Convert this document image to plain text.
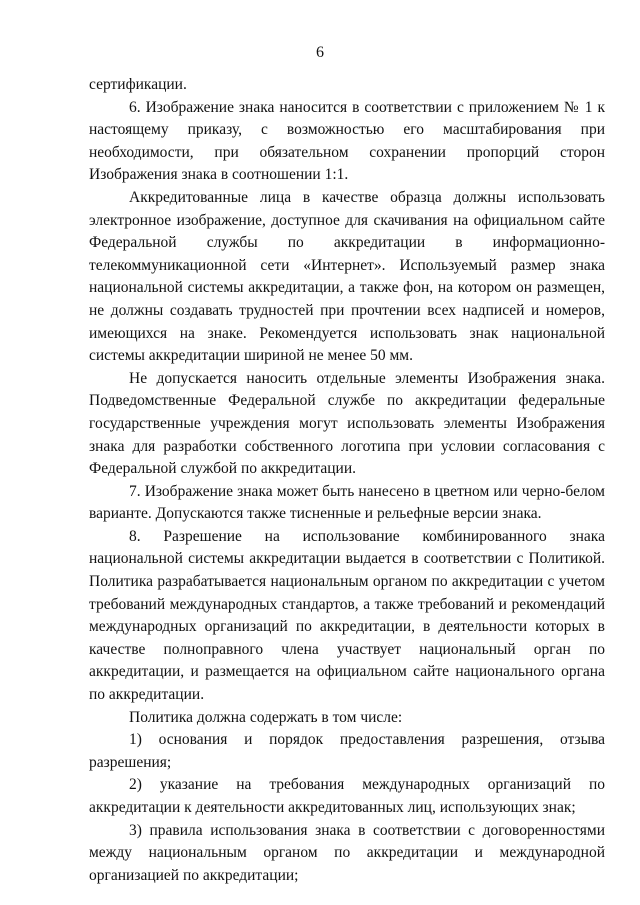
6

сертификации.

6. Изображение знака наносится в соответствии с приложением № 1 к настоящему приказу, с возможностью его масштабирования при необходимости, при обязательном сохранении пропорций сторон Изображения знака в соотношении 1:1.

Аккредитованные лица в качестве образца должны использовать электронное изображение, доступное для скачивания на официальном сайте Федеральной службы по аккредитации в информационно-телекоммуникационной сети «Интернет». Используемый размер знака национальной системы аккредитации, а также фон, на котором он размещен, не должны создавать трудностей при прочтении всех надписей и номеров, имеющихся на знаке. Рекомендуется использовать знак национальной системы аккредитации шириной не менее 50 мм.

Не допускается наносить отдельные элементы Изображения знака. Подведомственные Федеральной службе по аккредитации федеральные государственные учреждения могут использовать элементы Изображения знака для разработки собственного логотипа при условии согласования с Федеральной службой по аккредитации.

7. Изображение знака может быть нанесено в цветном или черно-белом варианте. Допускаются также тисненные и рельефные версии знака.

8. Разрешение на использование комбинированного знака национальной системы аккредитации выдается в соответствии с Политикой. Политика разрабатывается национальным органом по аккредитации с учетом требований международных стандартов, а также требований и рекомендаций международных организаций по аккредитации, в деятельности которых в качестве полноправного члена участвует национальный орган по аккредитации, и размещается на официальном сайте национального органа по аккредитации.

Политика должна содержать в том числе:

1) основания и порядок предоставления разрешения, отзыва разрешения;

2) указание на требования международных организаций по аккредитации к деятельности аккредитованных лиц, использующих знак;

3) правила использования знака в соответствии с договоренностями между национальным органом по аккредитации и международной организацией по аккредитации;
